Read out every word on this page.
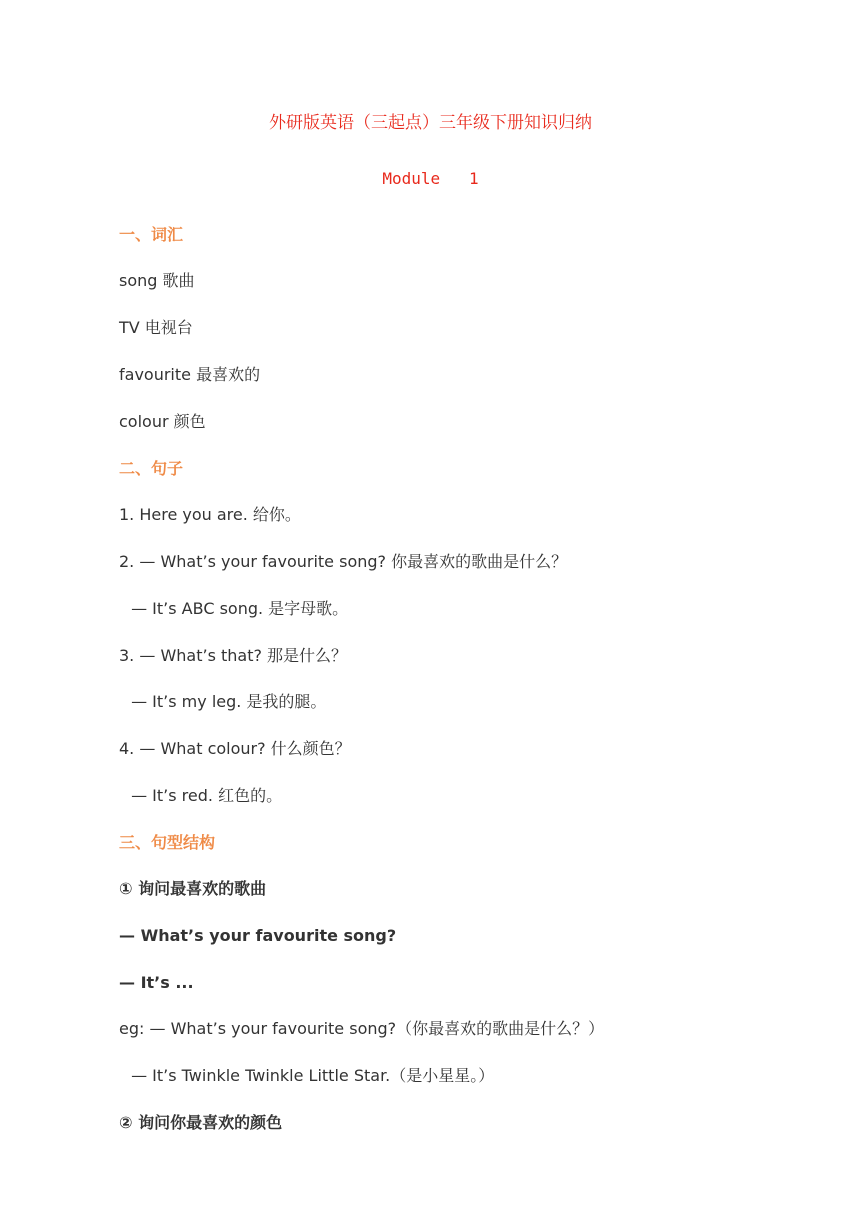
外研版英语（三起点）三年级下册知识归纳
Module   1
一、词汇
song 歌曲
TV 电视台
favourite 最喜欢的
colour 颜色
二、句子
1. Here you are. 给你。
2. — What’s your favourite song? 你最喜欢的歌曲是什么？
— It’s ABC song. 是字母歌。
3. — What’s that? 那是什么？
— It’s my leg. 是我的腿。
4. — What colour? 什么颜色？
— It’s red. 红色的。
三、句型结构
① 询问最喜欢的歌曲
— What’s your favourite song?
— It’s ...
eg: — What’s your favourite song?（你最喜欢的歌曲是什么？）
— It’s Twinkle Twinkle Little Star.（是小星星。）
② 询问你最喜欢的颜色
